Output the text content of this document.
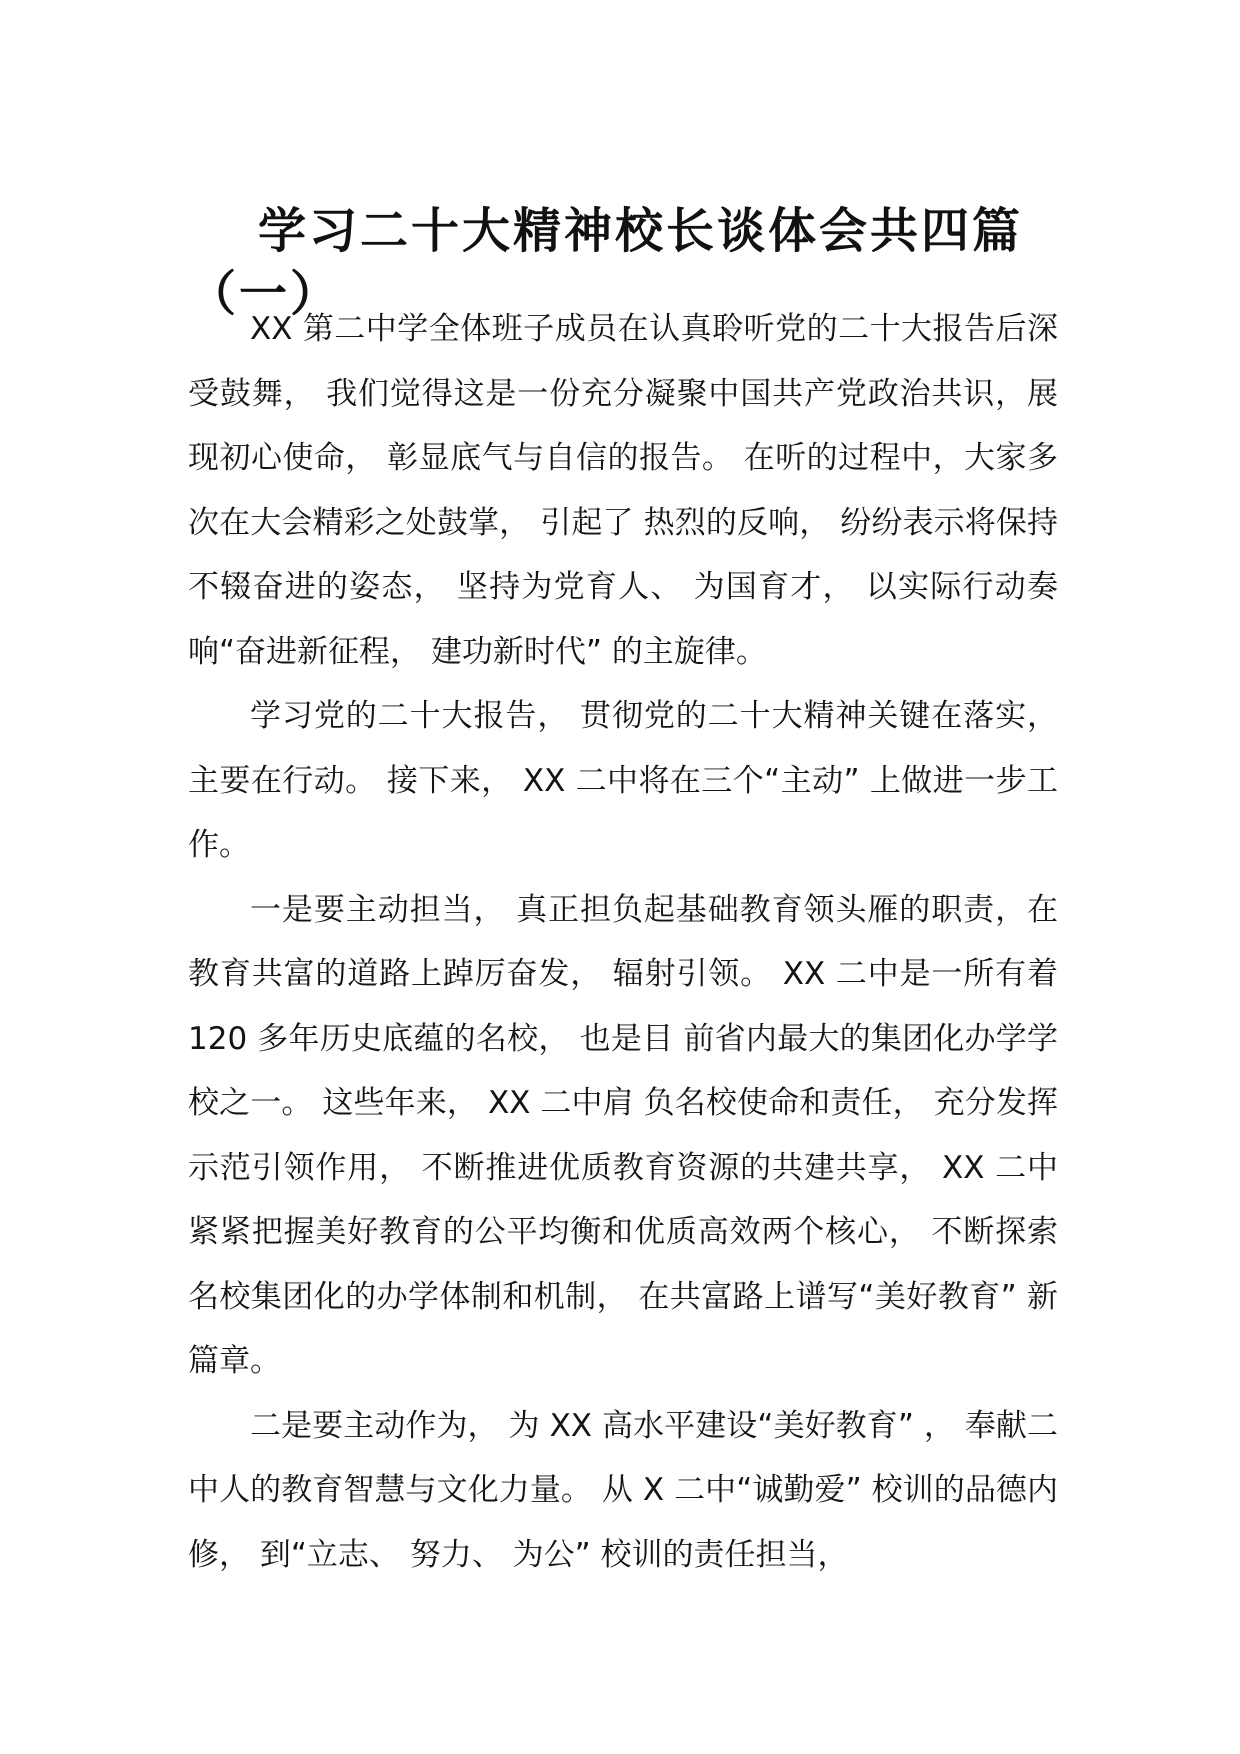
学习二十大精神校长谈体会共四篇（一）

XX 第二中学全体班子成员在认真聆听党的二十大报告后深受鼓舞， 我们觉得这是一份充分凝聚中国共产党政治共识，展现初心使命， 彰显底气与自信的报告。 在听的过程中，大家多次在大会精彩之处鼓掌， 引起了 热烈的反响， 纷纷表示将保持不辍奋进的姿态， 坚持为党育人、 为国育才， 以实际行动奏响“奋进新征程， 建功新时代” 的主旋律。

学习党的二十大报告， 贯彻党的二十大精神关键在落实，主要在行动。 接下来， XX 二中将在三个“主动” 上做进一步工作。

一是要主动担当， 真正担负起基础教育领头雁的职责，在教育共富的道路上踔厉奋发， 辐射引领。 XX 二中是一所有着120 多年历史底蕴的名校， 也是目 前省内最大的集团化办学学校之一。 这些年来， XX 二中肩 负名校使命和责任， 充分发挥示范引领作用， 不断推进优质教育资源的共建共享， XX 二中紧紧把握美好教育的公平均衡和优质高效两个核心， 不断探索名校集团化的办学体制和机制， 在共富路上谱写“美好教育” 新篇章。

二是要主动作为， 为 XX 高水平建设“美好教育” ， 奉献二中人的教育智慧与文化力量。 从 X 二中“诚勤爱” 校训的品德内修， 到“立志、 努力、 为公” 校训的责任担当，
